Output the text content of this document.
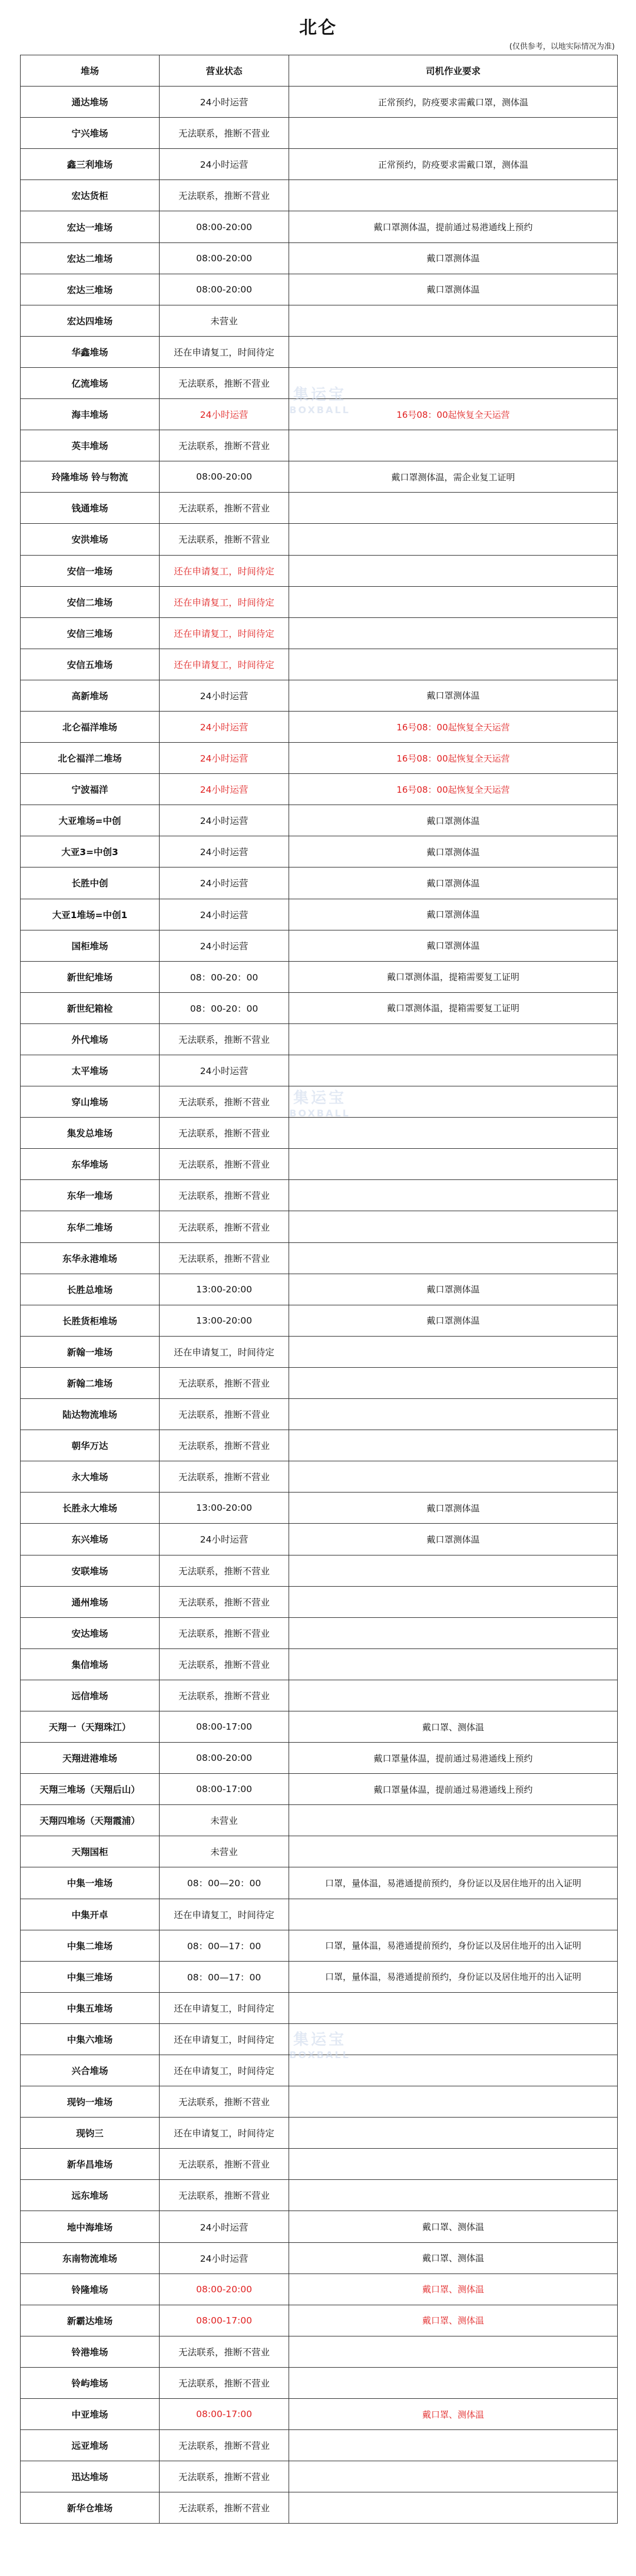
北仑
(仅供参考，以地实际情况为准)
堆场	营业状态	司机作业要求
通达堆场	24小时运营	正常预约，防疫要求需戴口罩，测体温
宁兴堆场	无法联系，推断不营业	
鑫三利堆场	24小时运营	正常预约，防疫要求需戴口罩，测体温
宏达货柜	无法联系，推断不营业	
宏达一堆场	08:00-20:00	戴口罩测体温，提前通过易港通线上预约
宏达二堆场	08:00-20:00	戴口罩测体温
宏达三堆场	08:00-20:00	戴口罩测体温
宏达四堆场	未营业	
华鑫堆场	还在申请复工，时间待定	
亿流堆场	无法联系，推断不营业	
海丰堆场	24小时运营	16号08：00起恢复全天运营
英丰堆场	无法联系，推断不营业	
玲隆堆场 铃与物流	08:00-20:00	戴口罩测体温，需企业复工证明
钱通堆场	无法联系，推断不营业	
安洪堆场	无法联系，推断不营业	
安信一堆场	还在申请复工，时间待定	
安信二堆场	还在申请复工，时间待定	
安信三堆场	还在申请复工，时间待定	
安信五堆场	还在申请复工，时间待定	
高新堆场	24小时运营	戴口罩测体温
北仑福洋堆场	24小时运营	16号08：00起恢复全天运营
北仑福洋二堆场	24小时运营	16号08：00起恢复全天运营
宁波福洋	24小时运营	16号08：00起恢复全天运营
大亚堆场=中创	24小时运营	戴口罩测体温
大亚3=中创3	24小时运营	戴口罩测体温
长胜中创	24小时运营	戴口罩测体温
大亚1堆场=中创1	24小时运营	戴口罩测体温
国柜堆场	24小时运营	戴口罩测体温
新世纪堆场	08：00-20：00	戴口罩测体温，提箱需要复工证明
新世纪箱检	08：00-20：00	戴口罩测体温，提箱需要复工证明
外代堆场	无法联系，推断不营业	
太平堆场	24小时运营	
穿山堆场	无法联系，推断不营业	
集发总堆场	无法联系，推断不营业	
东华堆场	无法联系，推断不营业	
东华一堆场	无法联系，推断不营业	
东华二堆场	无法联系，推断不营业	
东华永港堆场	无法联系，推断不营业	
长胜总堆场	13:00-20:00	戴口罩测体温
长胜货柜堆场	13:00-20:00	戴口罩测体温
新翰一堆场	还在申请复工，时间待定	
新翰二堆场	无法联系，推断不营业	
陆达物流堆场	无法联系，推断不营业	
朝华万达	无法联系，推断不营业	
永大堆场	无法联系，推断不营业	
长胜永大堆场	13:00-20:00	戴口罩测体温
东兴堆场	24小时运营	戴口罩测体温
安联堆场	无法联系，推断不营业	
通州堆场	无法联系，推断不营业	
安达堆场	无法联系，推断不营业	
集信堆场	无法联系，推断不营业	
远信堆场	无法联系，推断不营业	
天翔一（天翔珠江）	08:00-17:00	戴口罩、测体温
天翔进港堆场	08:00-20:00	戴口罩量体温，提前通过易港通线上预约
天翔三堆场（天翔后山）	08:00-17:00	戴口罩量体温，提前通过易港通线上预约
天翔四堆场（天翔霞浦）	未营业	
天翔国柜	未营业	
中集一堆场	08：00—20：00	口罩，量体温，易港通提前预约，身份证以及居住地开的出入证明
中集开卓	还在申请复工，时间待定	
中集二堆场	08：00—17：00	口罩，量体温，易港通提前预约，身份证以及居住地开的出入证明
中集三堆场	08：00—17：00	口罩，量体温，易港通提前预约，身份证以及居住地开的出入证明
中集五堆场	还在申请复工，时间待定	
中集六堆场	还在申请复工，时间待定	
兴合堆场	还在申请复工，时间待定	
现钧一堆场	无法联系，推断不营业	
现钧三	还在申请复工，时间待定	
新华昌堆场	无法联系，推断不营业	
远东堆场	无法联系，推断不营业	
地中海堆场	24小时运营	戴口罩、测体温
东南物流堆场	24小时运营	戴口罩、测体温
铃隆堆场	08:00-20:00	戴口罩、测体温
新霸达堆场	08:00-17:00	戴口罩、测体温
铃港堆场	无法联系，推断不营业	
铃屿堆场	无法联系，推断不营业	
中亚堆场	08:00-17:00	戴口罩、测体温
远亚堆场	无法联系，推断不营业	
迅达堆场	无法联系，推断不营业	
新华仓堆场	无法联系，推断不营业	
集运宝
BOXBALL
集运宝
BOXBALL
集运宝
BOXBALL
